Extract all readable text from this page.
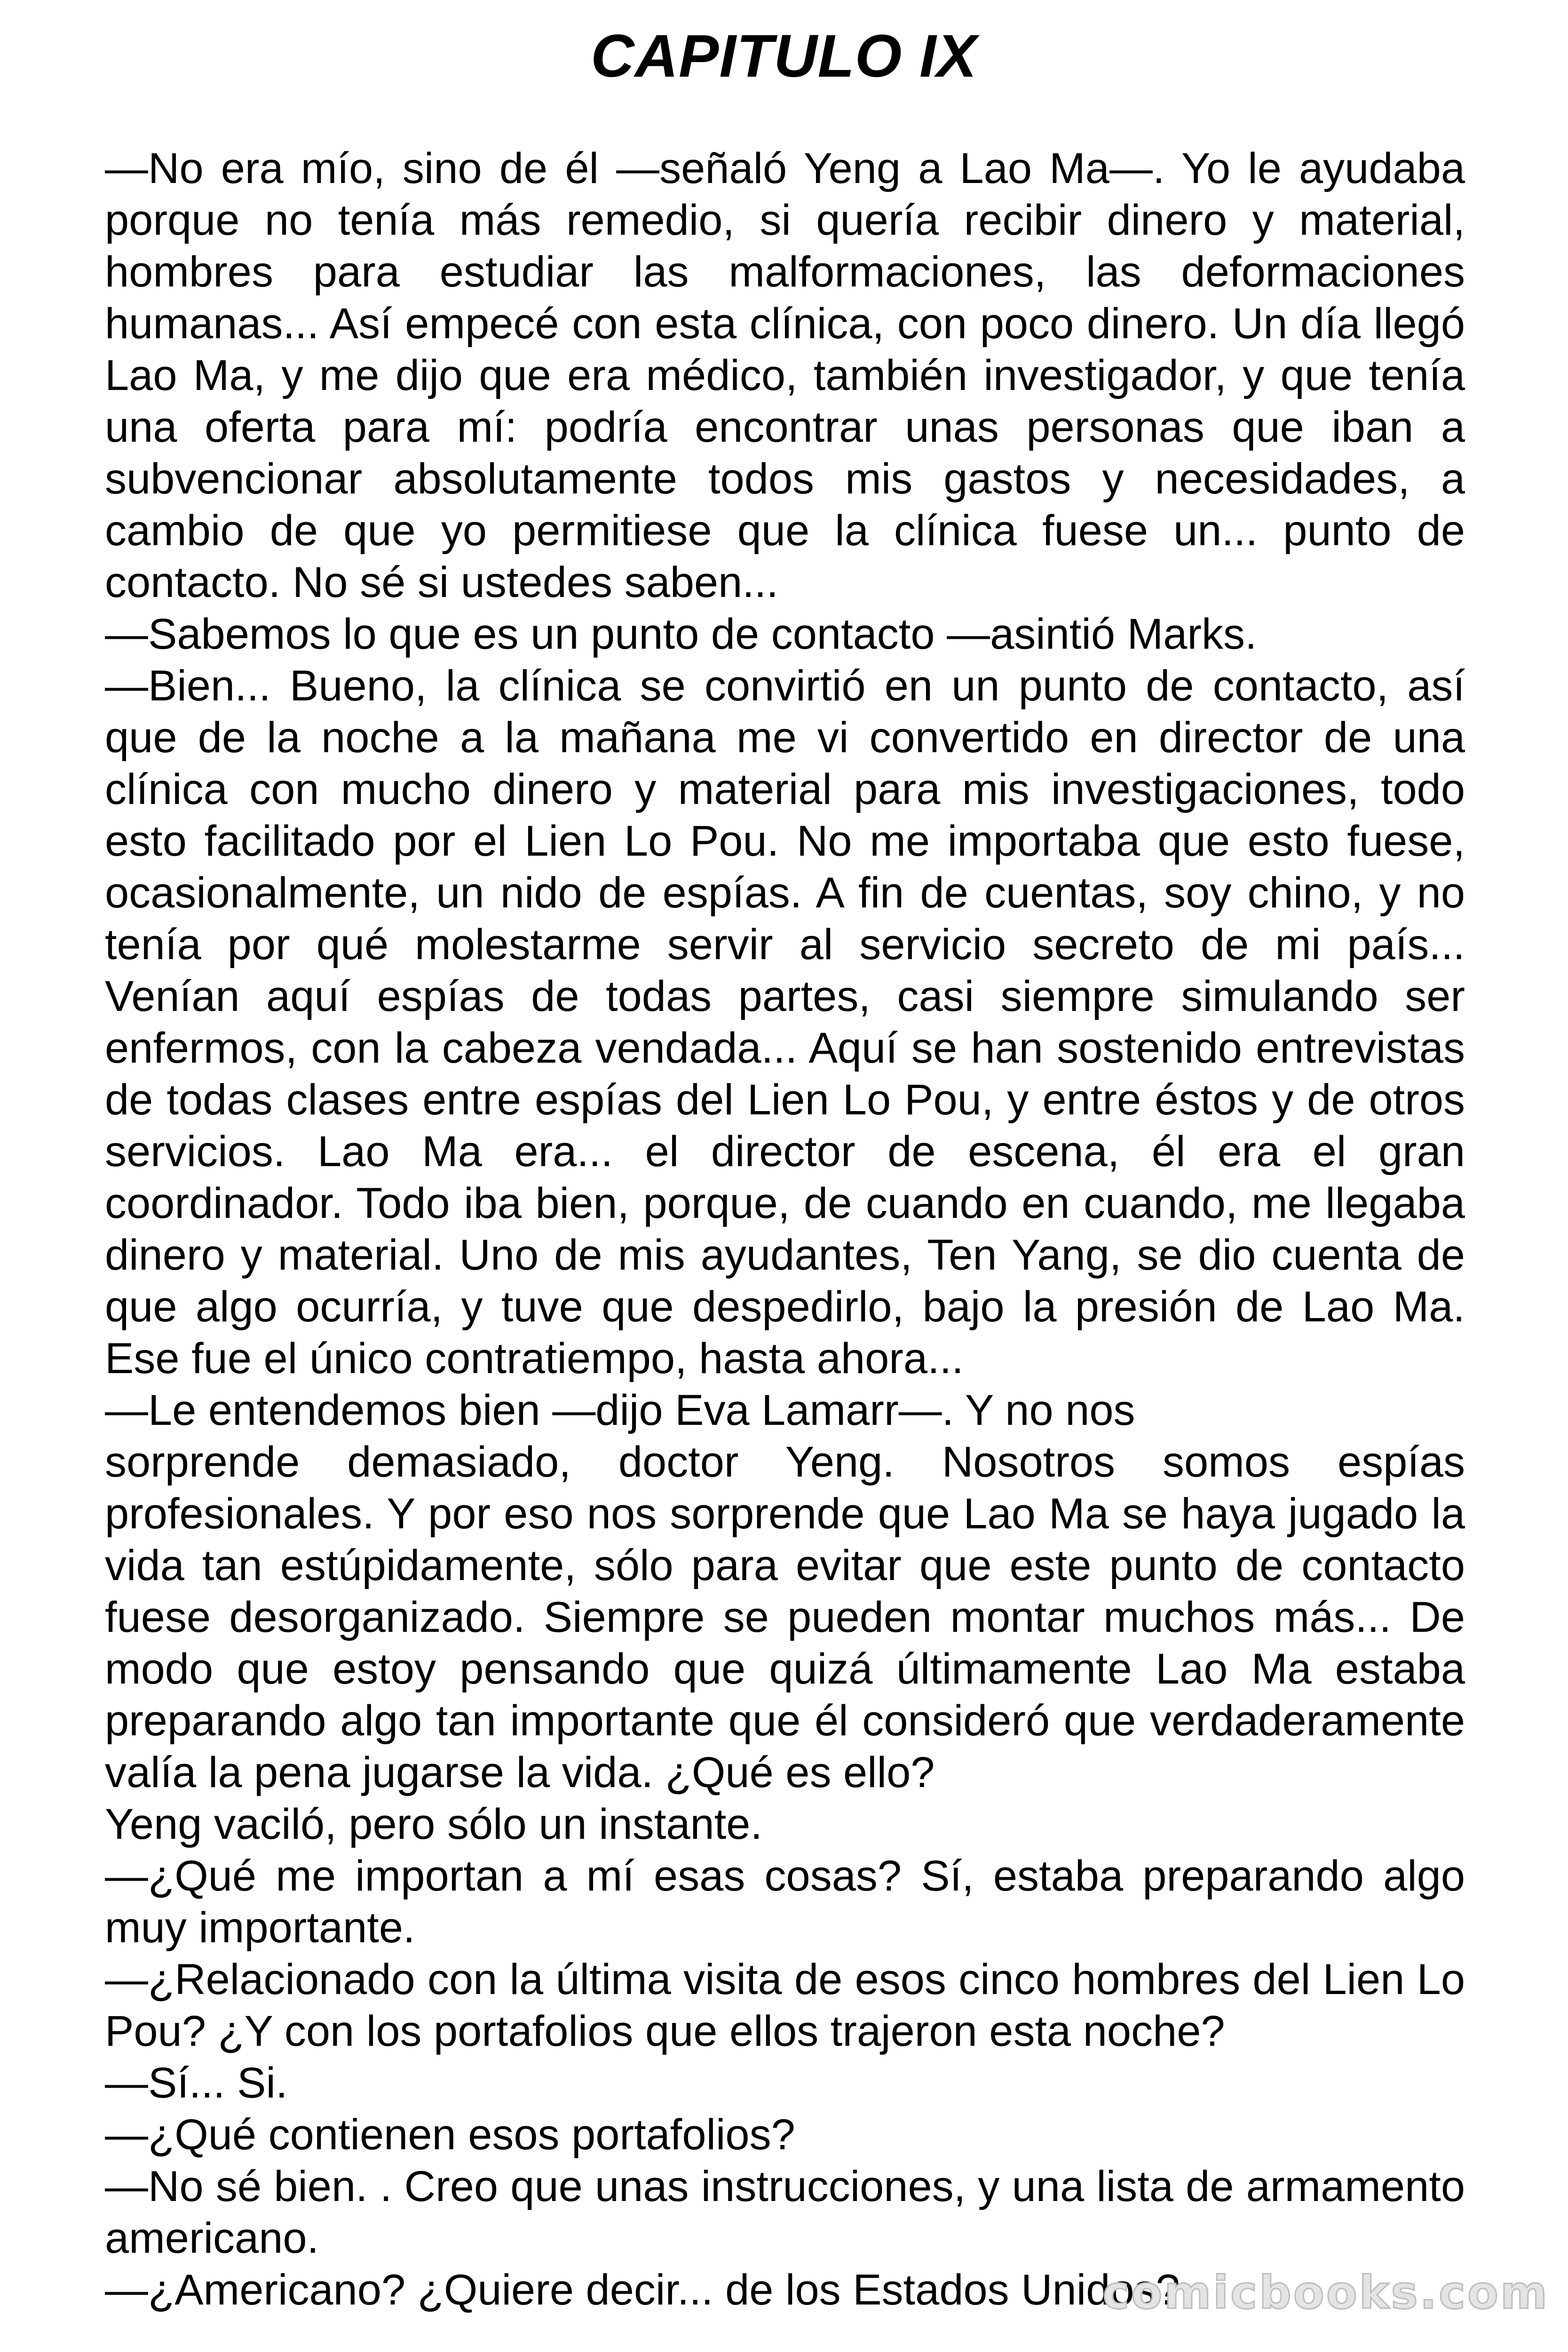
CAPITULO IX

—No era mío, sino de él —señaló Yeng a Lao Ma—. Yo le ayudaba porque no tenía más remedio, si quería recibir dinero y material, hombres para estudiar las malformaciones, las deformaciones humanas... Así empecé con esta clínica, con poco dinero. Un día llegó Lao Ma, y me dijo que era médico, también investigador, y que tenía una oferta para mí: podría encontrar unas personas que iban a subvencionar absolutamente todos mis gastos y necesidades, a cambio de que yo permitiese que la clínica fuese un... punto de contacto. No sé si ustedes saben...

—Sabemos lo que es un punto de contacto —asintió Marks.

—Bien... Bueno, la clínica se convirtió en un punto de contacto, así que de la noche a la mañana me vi convertido en director de una clínica con mucho dinero y material para mis investigaciones, todo esto facilitado por el Lien Lo Pou. No me importaba que esto fuese, ocasionalmente, un nido de espías. A fin de cuentas, soy chino, y no tenía por qué molestarme servir al servicio secreto de mi país... Venían aquí espías de todas partes, casi siempre simulando ser enfermos, con la cabeza vendada... Aquí se han sostenido entrevistas de todas clases entre espías del Lien Lo Pou, y entre éstos y de otros servicios. Lao Ma era... el director de escena, él era el gran coordinador. Todo iba bien, porque, de cuando en cuando, me llegaba dinero y material. Uno de mis ayudantes, Ten Yang, se dio cuenta de que algo ocurría, y tuve que despedirlo, bajo la presión de Lao Ma. Ese fue el único contratiempo, hasta ahora...

—Le entendemos bien —dijo Eva Lamarr—. Y no nos

sorprende demasiado, doctor Yeng. Nosotros somos espías profesionales. Y por eso nos sorprende que Lao Ma se haya jugado la vida tan estúpidamente, sólo para evitar que este punto de contacto fuese desorganizado. Siempre se pueden montar muchos más... De modo que estoy pensando que quizá últimamente Lao Ma estaba preparando algo tan importante que él consideró que verdaderamente valía la pena jugarse la vida. ¿Qué es ello?

Yeng vaciló, pero sólo un instante.

—¿Qué me importan a mí esas cosas? Sí, estaba preparando algo muy importante.

—¿Relacionado con la última visita de esos cinco hombres del Lien Lo Pou? ¿Y con los portafolios que ellos trajeron esta noche?

—Sí... Si.

—¿Qué contienen esos portafolios?

—No sé bien. . Creo que unas instrucciones, y una lista de armamento americano.

—¿Americano? ¿Quiere decir... de los Estados Unidos?

comicbooks.com
